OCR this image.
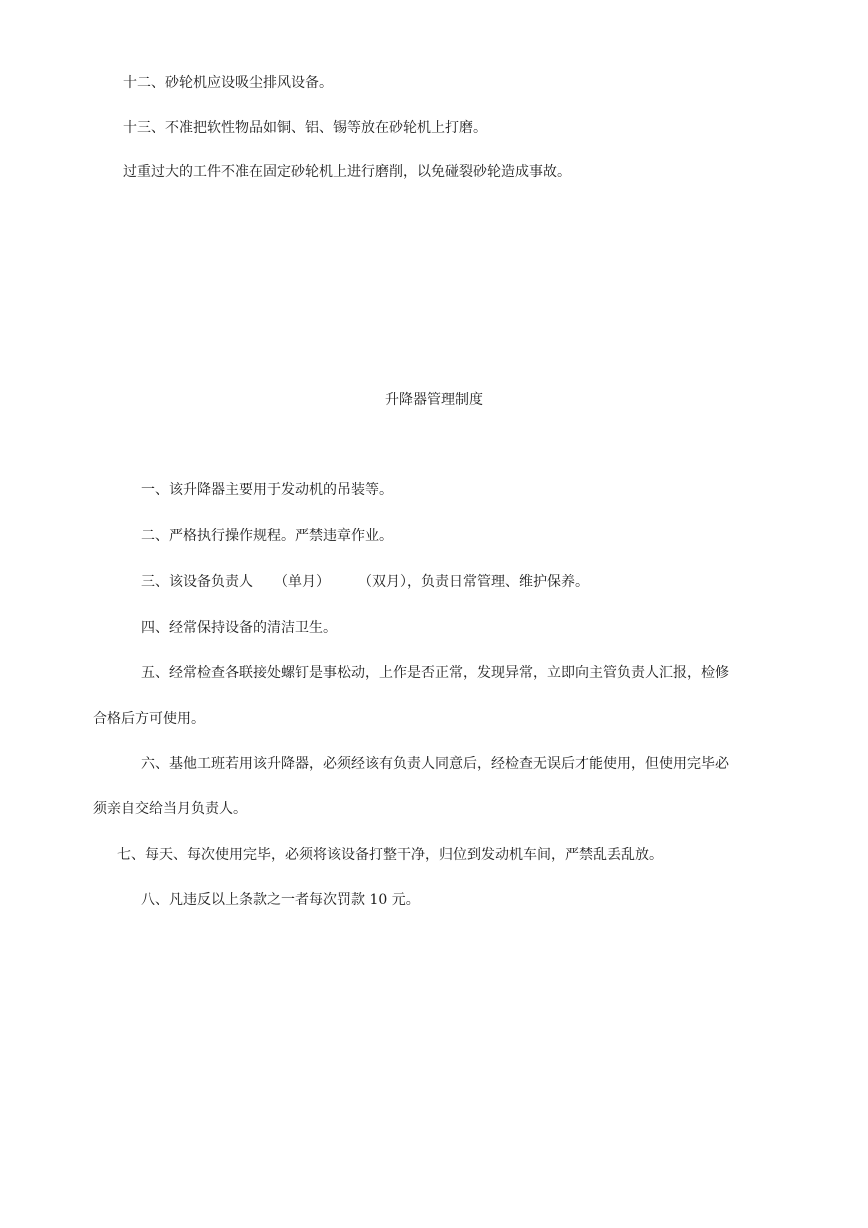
十二、砂轮机应设吸尘排风设备。

十三、不准把软性物品如铜、铝、锡等放在砂轮机上打磨。

过重过大的工件不准在固定砂轮机上进行磨削，以免碰裂砂轮造成事故。

升降器管理制度

一、该升降器主要用于发动机的吊装等。

二、严格执行操作规程。严禁违章作业。

三、该设备负责人　　（单月）　　　（双月），负责日常管理、维护保养。

四、经常保持设备的清洁卫生。

五、经常检查各联接处螺钉是事松动，上作是否正常，发现异常，立即向主管负责人汇报，检修

合格后方可使用。

六、基他工班若用该升降器，必须经该有负责人同意后，经检查无误后才能使用，但使用完毕必

须亲自交给当月负责人。

七、每天、每次使用完毕，必须将该设备打整干净，归位到发动机车间，严禁乱丢乱放。

八、凡违反以上条款之一者每次罚款 10 元。
